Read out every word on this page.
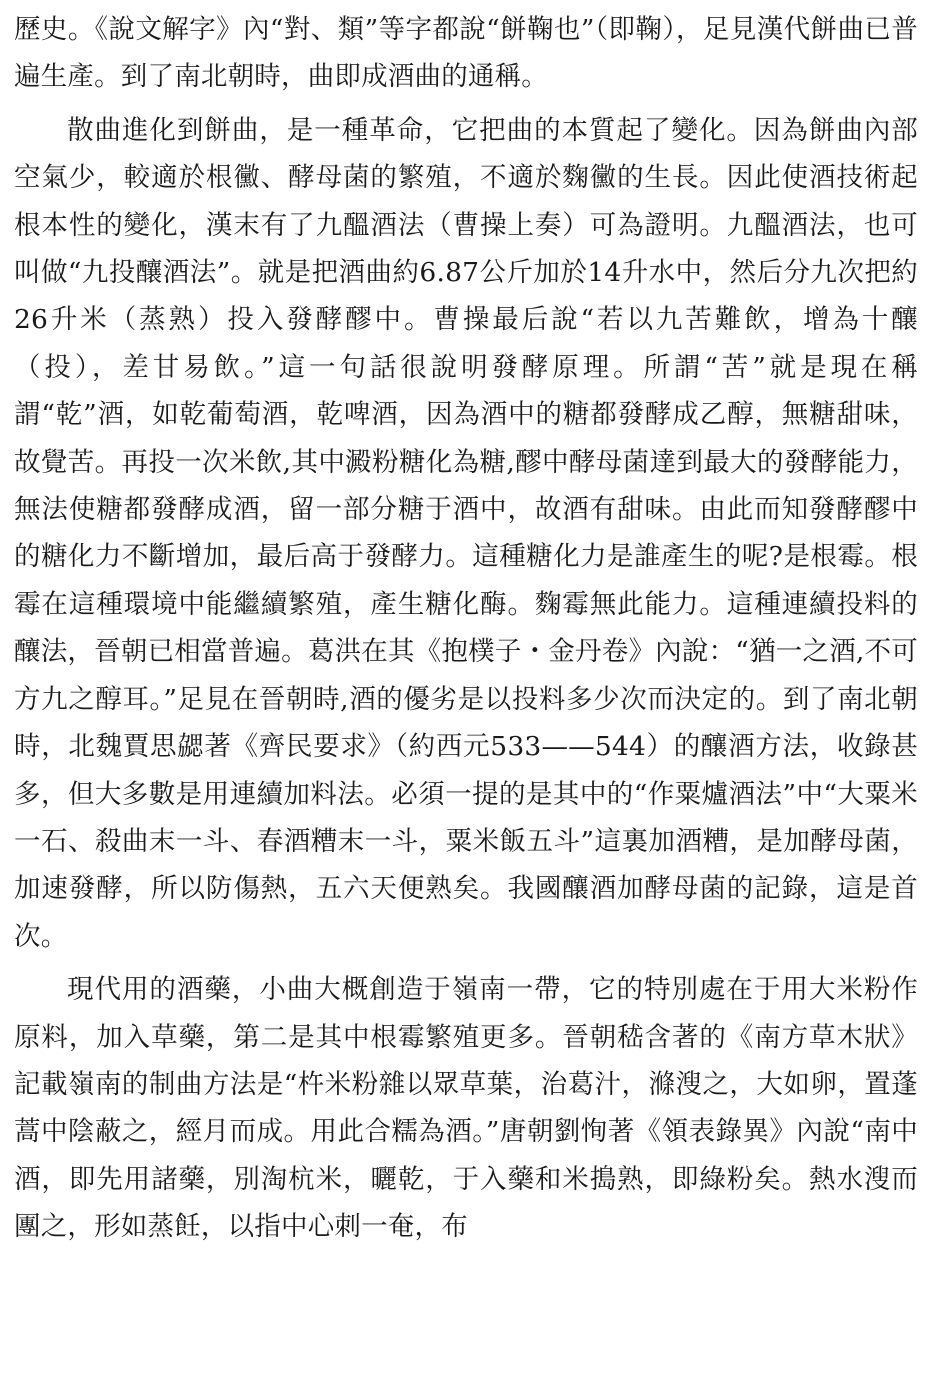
歷史。《說文解字》內“對、類”等字都說“餅鞠也”（即鞠），足見漢代餅曲已普遍生產。到了南北朝時，曲即成酒曲的通稱。

散曲進化到餅曲，是一種革命，它把曲的本質起了變化。因為餅曲內部空氣少，較適於根黴、酵母菌的繁殖，不適於麴黴的生長。因此使酒技術起根本性的變化，漢末有了九醞酒法（曹操上奏）可為證明。九醞酒法，也可叫做“九投釀酒法”。就是把酒曲約6.87公斤加於14升水中，然后分九次把約26升米（蒸熟）投入發酵醪中。曹操最后說“若以九苦難飲，增為十釀（投），差甘易飲。”這一句話很說明發酵原理。所謂“苦”就是現在稱謂“乾”酒，如乾葡萄酒，乾啤酒，因為酒中的糖都發酵成乙醇，無糖甜味，故覺苦。再投一次米飲,其中澱粉糖化為糖,醪中酵母菌達到最大的發酵能力，無法使糖都發酵成酒，留一部分糖于酒中，故酒有甜味。由此而知發酵醪中的糖化力不斷增加，最后高于發酵力。這種糖化力是誰產生的呢?是根霉。根霉在這種環境中能繼續繁殖，產生糖化酶。麴霉無此能力。這種連續投料的釀法，晉朝已相當普遍。葛洪在其《抱樸子・金丹卷》內說：“猶一之酒,不可方九之醇耳。”足見在晉朝時,酒的優劣是以投料多少次而決定的。到了南北朝時，北魏賈思勰著《齊民要求》（約西元533——544）的釀酒方法，收錄甚多，但大多數是用連續加料法。必須一提的是其中的“作粟爐酒法”中“大粟米一石、殺曲末一斗、春酒糟末一斗，粟米飯五斗”這裏加酒糟，是加酵母菌，加速發酵，所以防傷熱，五六天便熟矣。我國釀酒加酵母菌的記錄，這是首次。

現代用的酒藥，小曲大概創造于嶺南一帶，它的特別處在于用大米粉作原料，加入草藥，第二是其中根霉繁殖更多。晉朝嵇含著的《南方草木狀》記載嶺南的制曲方法是“杵米粉雜以眾草葉，治葛汁，滌溲之，大如卵，置蓬蒿中陰蔽之，經月而成。用此合糯為酒。”唐朝劉恂著《領表錄異》內說“南中酒，即先用諸藥，別淘杭米，曬乾，于入藥和米搗熟，即綠粉矣。熱水溲而團之，形如蒸飪，以指中心刺一奄，布
